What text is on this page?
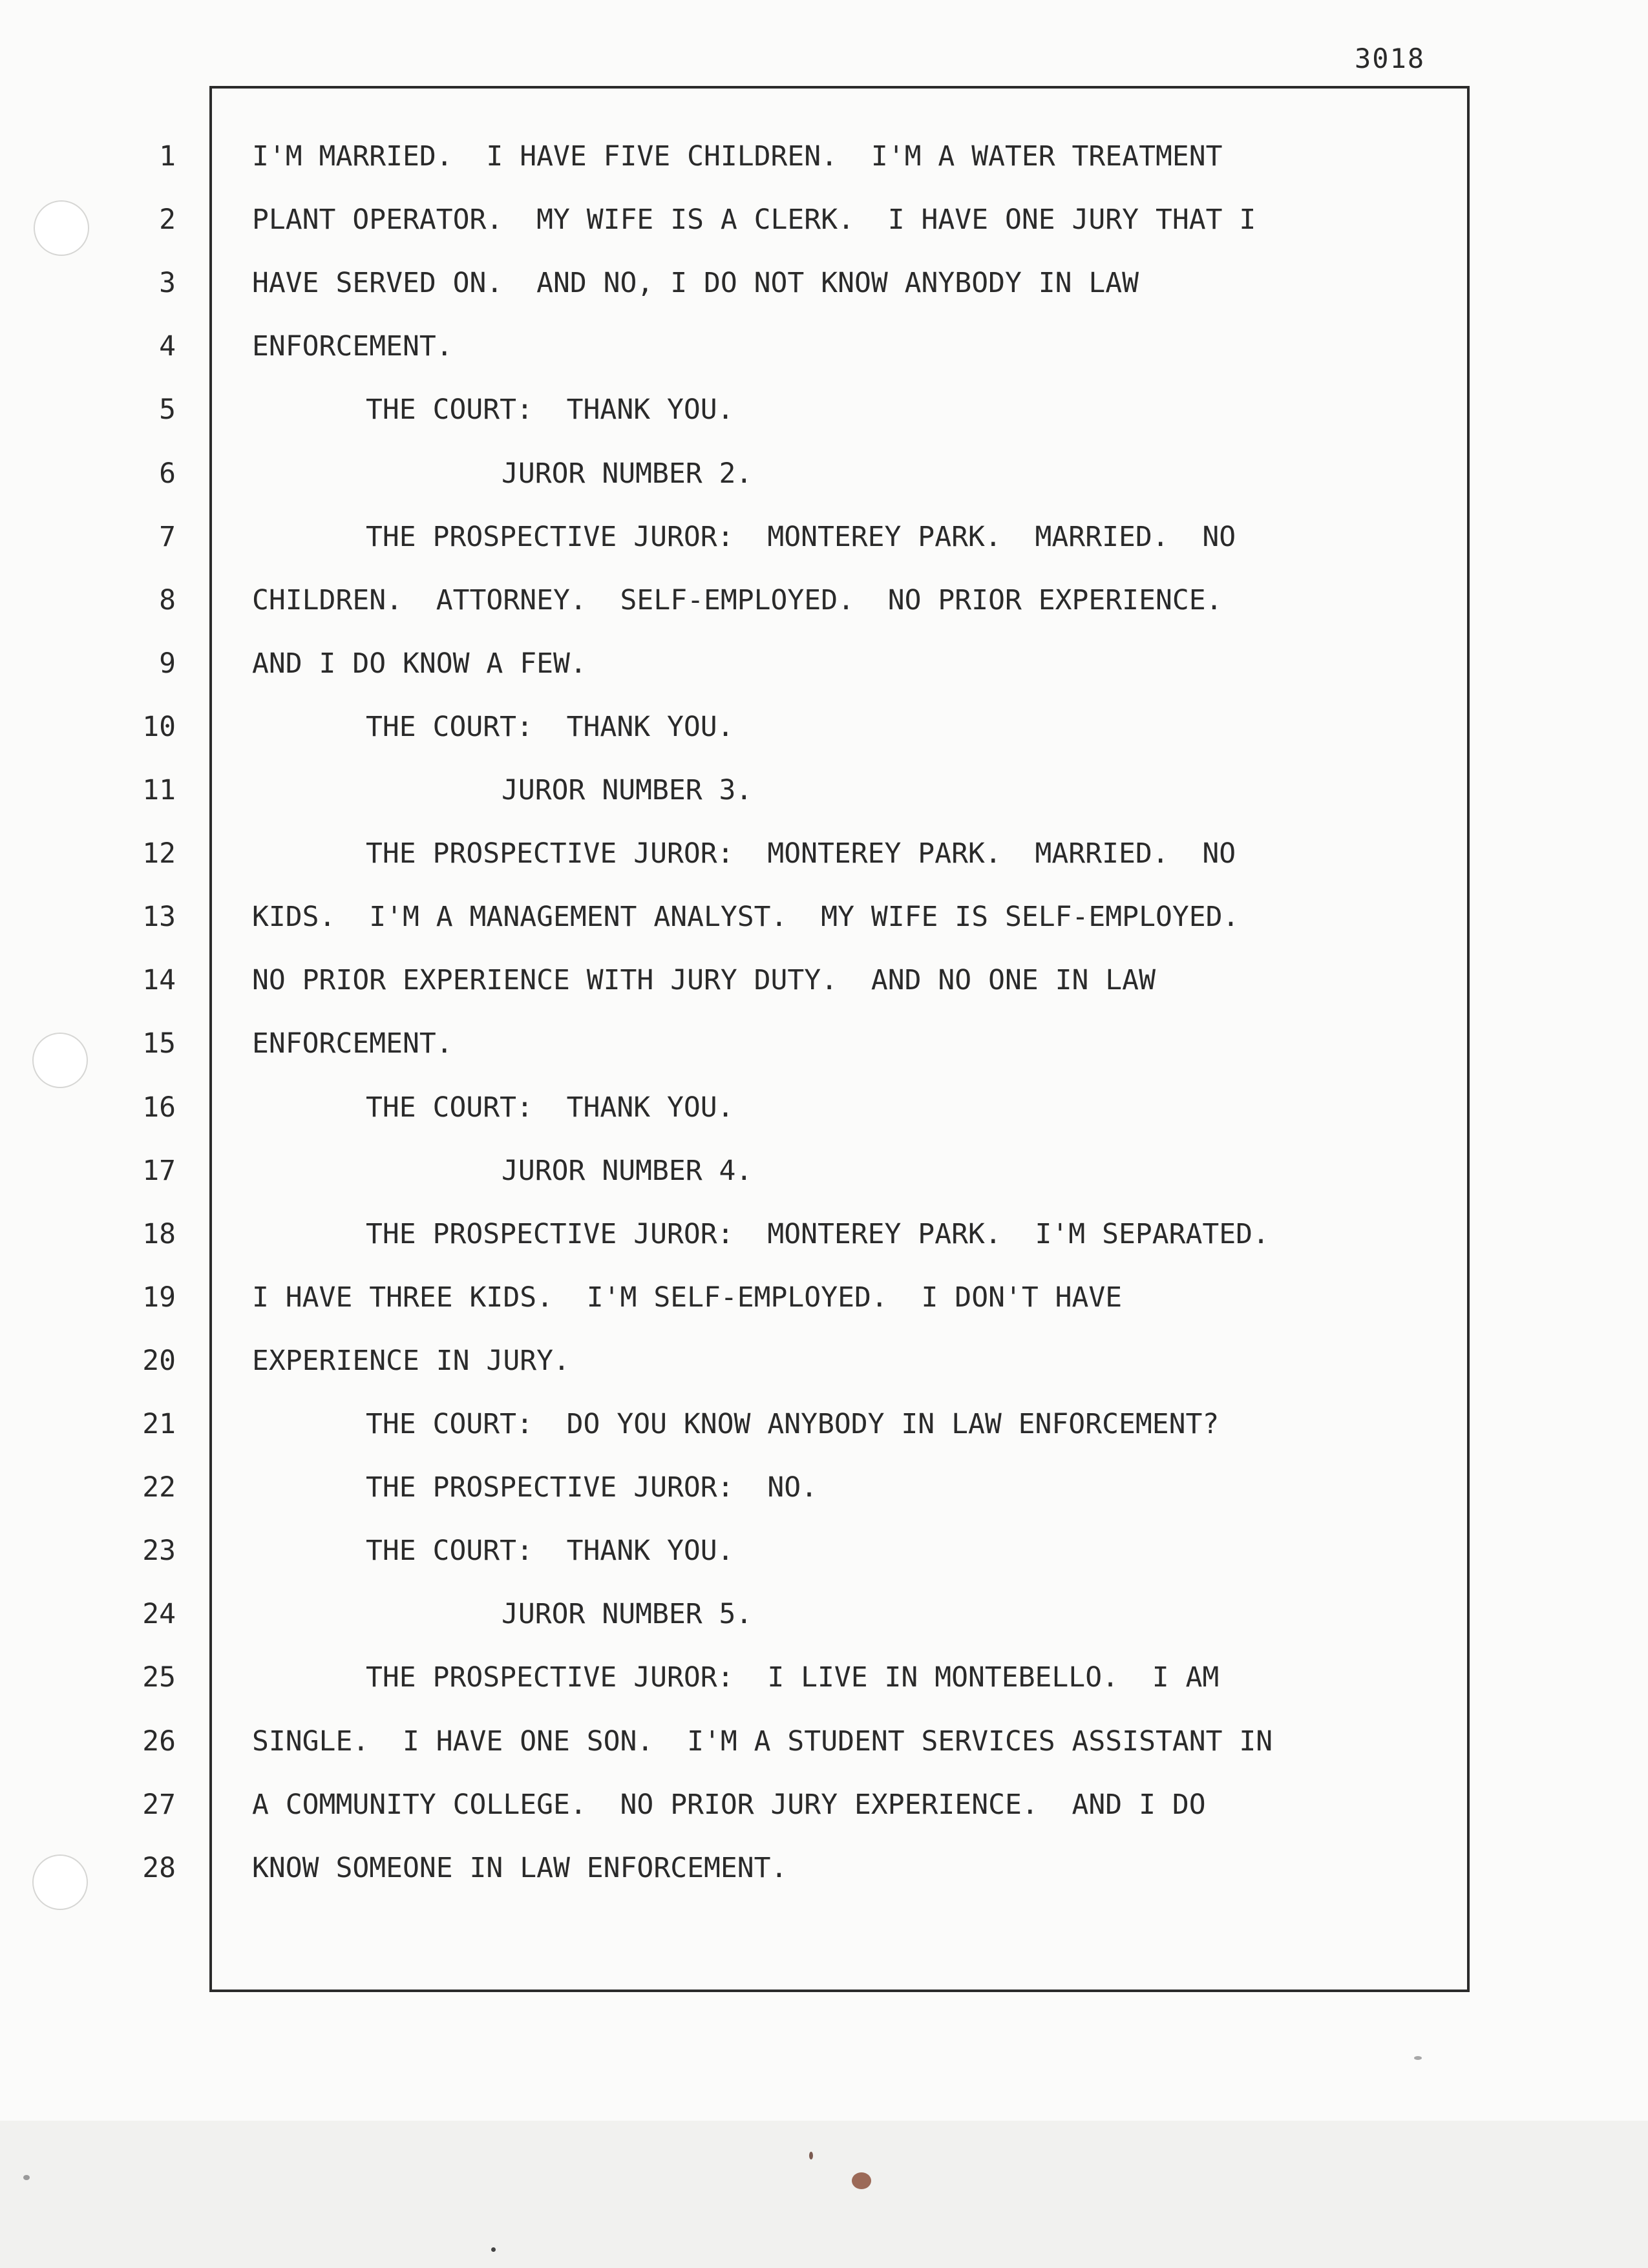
3018
1	I'M MARRIED.  I HAVE FIVE CHILDREN.  I'M A WATER TREATMENT
2	PLANT OPERATOR.  MY WIFE IS A CLERK.  I HAVE ONE JURY THAT I
3	HAVE SERVED ON.  AND NO, I DO NOT KNOW ANYBODY IN LAW
4	ENFORCEMENT.
5	THE COURT:  THANK YOU.
6	JUROR NUMBER 2.
7	THE PROSPECTIVE JUROR:  MONTEREY PARK.  MARRIED.  NO
8	CHILDREN.  ATTORNEY.  SELF-EMPLOYED.  NO PRIOR EXPERIENCE.
9	AND I DO KNOW A FEW.
10	THE COURT:  THANK YOU.
11	JUROR NUMBER 3.
12	THE PROSPECTIVE JUROR:  MONTEREY PARK.  MARRIED.  NO
13	KIDS.  I'M A MANAGEMENT ANALYST.  MY WIFE IS SELF-EMPLOYED.
14	NO PRIOR EXPERIENCE WITH JURY DUTY.  AND NO ONE IN LAW
15	ENFORCEMENT.
16	THE COURT:  THANK YOU.
17	JUROR NUMBER 4.
18	THE PROSPECTIVE JUROR:  MONTEREY PARK.  I'M SEPARATED.
19	I HAVE THREE KIDS.  I'M SELF-EMPLOYED.  I DON'T HAVE
20	EXPERIENCE IN JURY.
21	THE COURT:  DO YOU KNOW ANYBODY IN LAW ENFORCEMENT?
22	THE PROSPECTIVE JUROR:  NO.
23	THE COURT:  THANK YOU.
24	JUROR NUMBER 5.
25	THE PROSPECTIVE JUROR:  I LIVE IN MONTEBELLO.  I AM
26	SINGLE.  I HAVE ONE SON.  I'M A STUDENT SERVICES ASSISTANT IN
27	A COMMUNITY COLLEGE.  NO PRIOR JURY EXPERIENCE.  AND I DO
28	KNOW SOMEONE IN LAW ENFORCEMENT.
